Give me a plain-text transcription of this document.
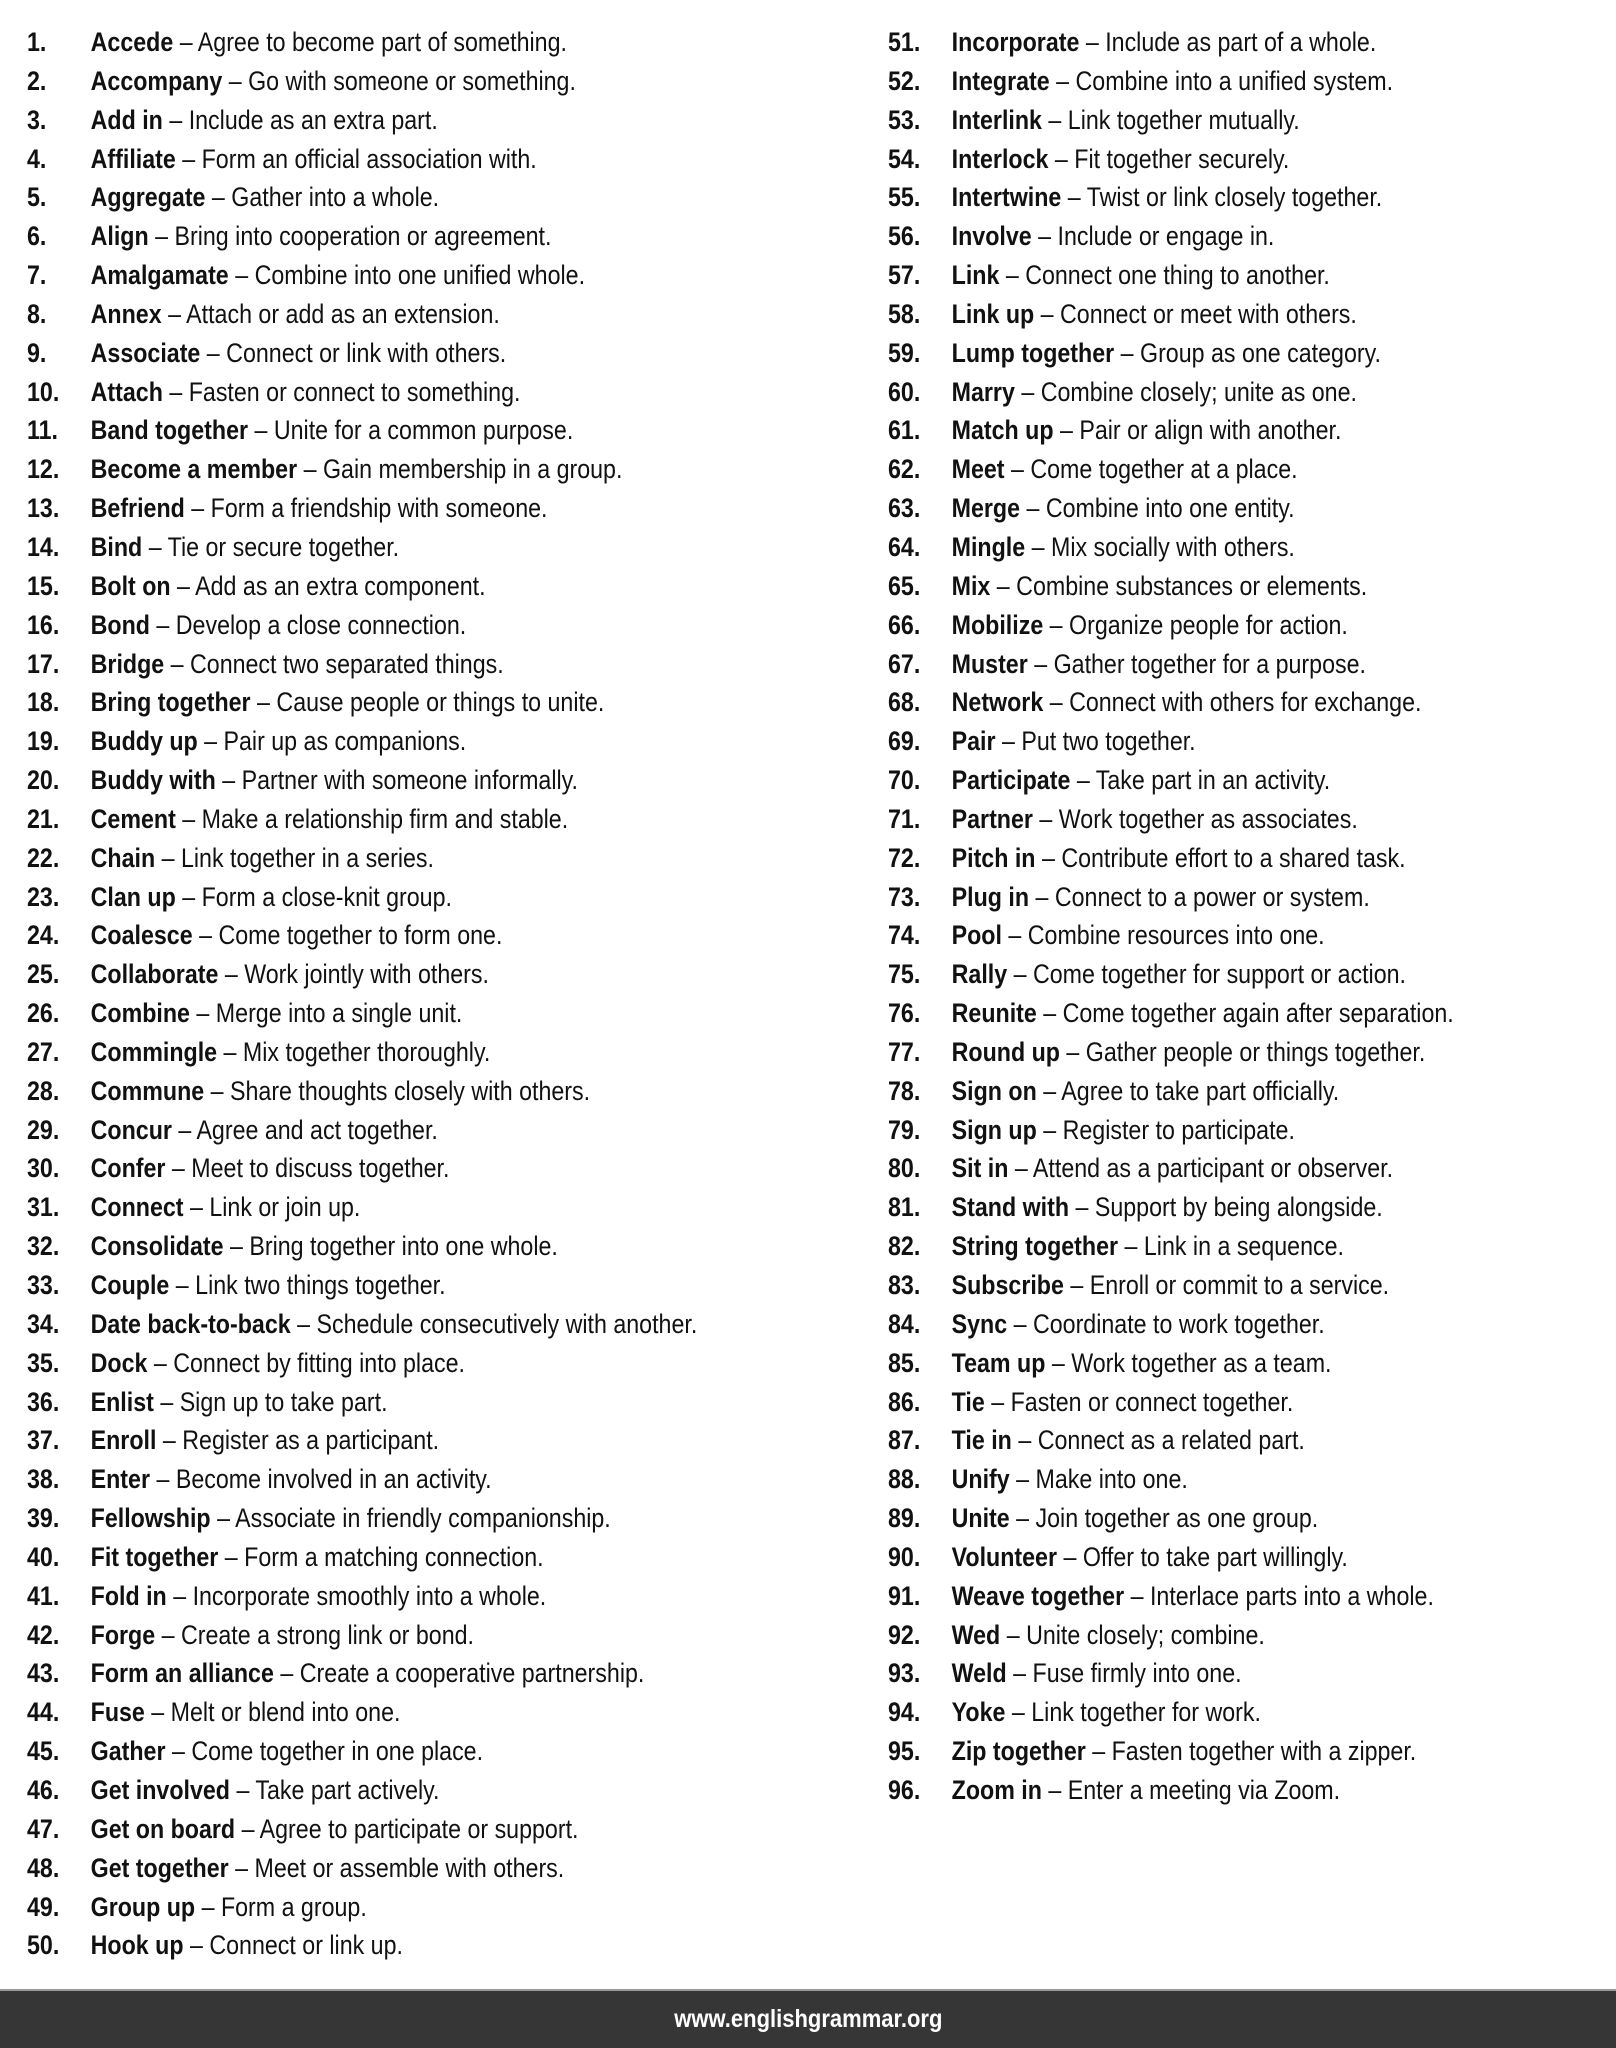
1. Accede – Agree to become part of something.
2. Accompany – Go with someone or something.
3. Add in – Include as an extra part.
4. Affiliate – Form an official association with.
5. Aggregate – Gather into a whole.
6. Align – Bring into cooperation or agreement.
7. Amalgamate – Combine into one unified whole.
8. Annex – Attach or add as an extension.
9. Associate – Connect or link with others.
10. Attach – Fasten or connect to something.
11. Band together – Unite for a common purpose.
12. Become a member – Gain membership in a group.
13. Befriend – Form a friendship with someone.
14. Bind – Tie or secure together.
15. Bolt on – Add as an extra component.
16. Bond – Develop a close connection.
17. Bridge – Connect two separated things.
18. Bring together – Cause people or things to unite.
19. Buddy up – Pair up as companions.
20. Buddy with – Partner with someone informally.
21. Cement – Make a relationship firm and stable.
22. Chain – Link together in a series.
23. Clan up – Form a close-knit group.
24. Coalesce – Come together to form one.
25. Collaborate – Work jointly with others.
26. Combine – Merge into a single unit.
27. Commingle – Mix together thoroughly.
28. Commune – Share thoughts closely with others.
29. Concur – Agree and act together.
30. Confer – Meet to discuss together.
31. Connect – Link or join up.
32. Consolidate – Bring together into one whole.
33. Couple – Link two things together.
34. Date back-to-back – Schedule consecutively with another.
35. Dock – Connect by fitting into place.
36. Enlist – Sign up to take part.
37. Enroll – Register as a participant.
38. Enter – Become involved in an activity.
39. Fellowship – Associate in friendly companionship.
40. Fit together – Form a matching connection.
41. Fold in – Incorporate smoothly into a whole.
42. Forge – Create a strong link or bond.
43. Form an alliance – Create a cooperative partnership.
44. Fuse – Melt or blend into one.
45. Gather – Come together in one place.
46. Get involved – Take part actively.
47. Get on board – Agree to participate or support.
48. Get together – Meet or assemble with others.
49. Group up – Form a group.
50. Hook up – Connect or link up.
51. Incorporate – Include as part of a whole.
52. Integrate – Combine into a unified system.
53. Interlink – Link together mutually.
54. Interlock – Fit together securely.
55. Intertwine – Twist or link closely together.
56. Involve – Include or engage in.
57. Link – Connect one thing to another.
58. Link up – Connect or meet with others.
59. Lump together – Group as one category.
60. Marry – Combine closely; unite as one.
61. Match up – Pair or align with another.
62. Meet – Come together at a place.
63. Merge – Combine into one entity.
64. Mingle – Mix socially with others.
65. Mix – Combine substances or elements.
66. Mobilize – Organize people for action.
67. Muster – Gather together for a purpose.
68. Network – Connect with others for exchange.
69. Pair – Put two together.
70. Participate – Take part in an activity.
71. Partner – Work together as associates.
72. Pitch in – Contribute effort to a shared task.
73. Plug in – Connect to a power or system.
74. Pool – Combine resources into one.
75. Rally – Come together for support or action.
76. Reunite – Come together again after separation.
77. Round up – Gather people or things together.
78. Sign on – Agree to take part officially.
79. Sign up – Register to participate.
80. Sit in – Attend as a participant or observer.
81. Stand with – Support by being alongside.
82. String together – Link in a sequence.
83. Subscribe – Enroll or commit to a service.
84. Sync – Coordinate to work together.
85. Team up – Work together as a team.
86. Tie – Fasten or connect together.
87. Tie in – Connect as a related part.
88. Unify – Make into one.
89. Unite – Join together as one group.
90. Volunteer – Offer to take part willingly.
91. Weave together – Interlace parts into a whole.
92. Wed – Unite closely; combine.
93. Weld – Fuse firmly into one.
94. Yoke – Link together for work.
95. Zip together – Fasten together with a zipper.
96. Zoom in – Enter a meeting via Zoom.
www.englishgrammar.org
